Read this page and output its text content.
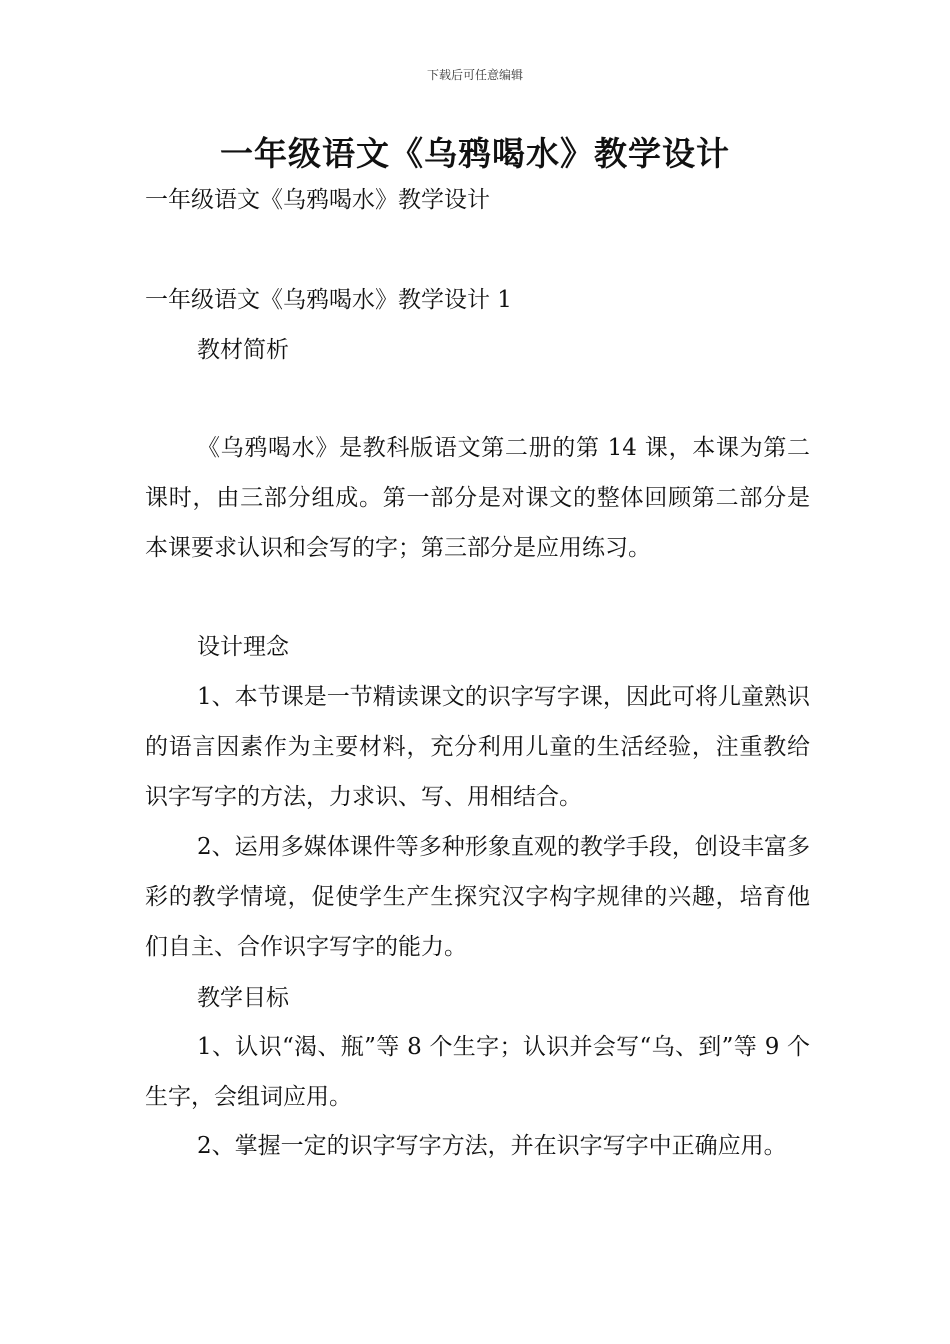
下载后可任意编辑
一年级语文《乌鸦喝水》教学设计
一年级语文《乌鸦喝水》教学设计
一年级语文《乌鸦喝水》教学设计 1
教材简析
《乌鸦喝水》是教科版语文第二册的第 14 课，本课为第二课时，由三部分组成。第一部分是对课文的整体回顾第二部分是本课要求认识和会写的字；第三部分是应用练习。
设计理念
1、本节课是一节精读课文的识字写字课，因此可将儿童熟识的语言因素作为主要材料，充分利用儿童的生活经验，注重教给识字写字的方法，力求识、写、用相结合。
2、运用多媒体课件等多种形象直观的教学手段，创设丰富多彩的教学情境，促使学生产生探究汉字构字规律的兴趣，培育他们自主、合作识字写字的能力。
教学目标
1、认识“渴、瓶”等 8 个生字；认识并会写“乌、到”等 9 个生字，会组词应用。
2、掌握一定的识字写字方法，并在识字写字中正确应用。
